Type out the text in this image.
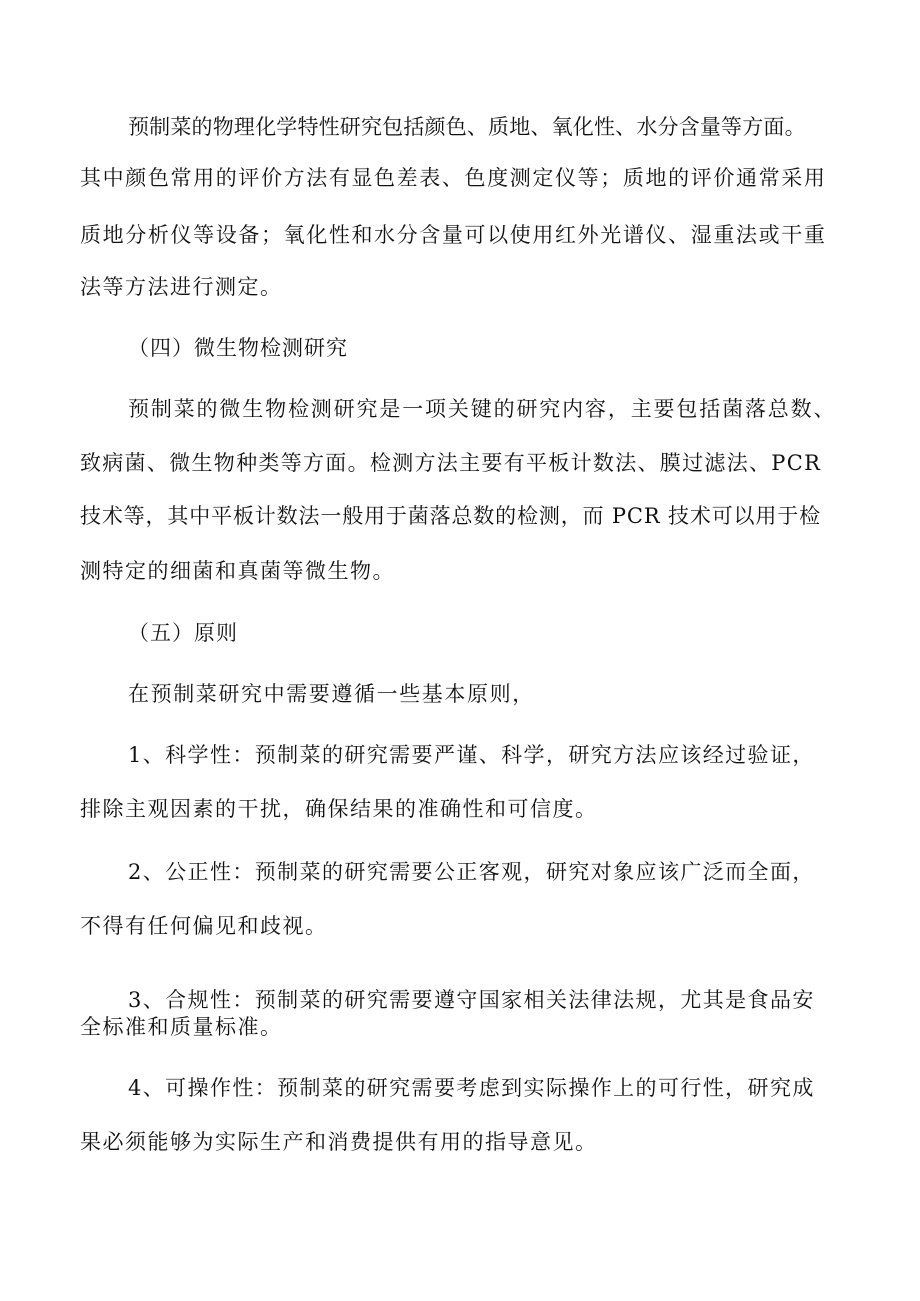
预制菜的物理化学特性研究包括颜色、质地、氧化性、水分含量等方面。
其中颜色常用的评价方法有显色差表、色度测定仪等；质地的评价通常采用
质地分析仪等设备；氧化性和水分含量可以使用红外光谱仪、湿重法或干重
法等方法进行测定。
（四）微生物检测研究
预制菜的微生物检测研究是一项关键的研究内容，主要包括菌落总数、
致病菌、微生物种类等方面。检测方法主要有平板计数法、膜过滤法、PCR
技术等，其中平板计数法一般用于菌落总数的检测，而 PCR 技术可以用于检
测特定的细菌和真菌等微生物。
（五）原则
在预制菜研究中需要遵循一些基本原则，
1、科学性：预制菜的研究需要严谨、科学，研究方法应该经过验证，
排除主观因素的干扰，确保结果的准确性和可信度。
2、公正性：预制菜的研究需要公正客观，研究对象应该广泛而全面，
不得有任何偏见和歧视。
3、合规性：预制菜的研究需要遵守国家相关法律法规，尤其是食品安
全标准和质量标准。
4、可操作性：预制菜的研究需要考虑到实际操作上的可行性，研究成
果必须能够为实际生产和消费提供有用的指导意见。
